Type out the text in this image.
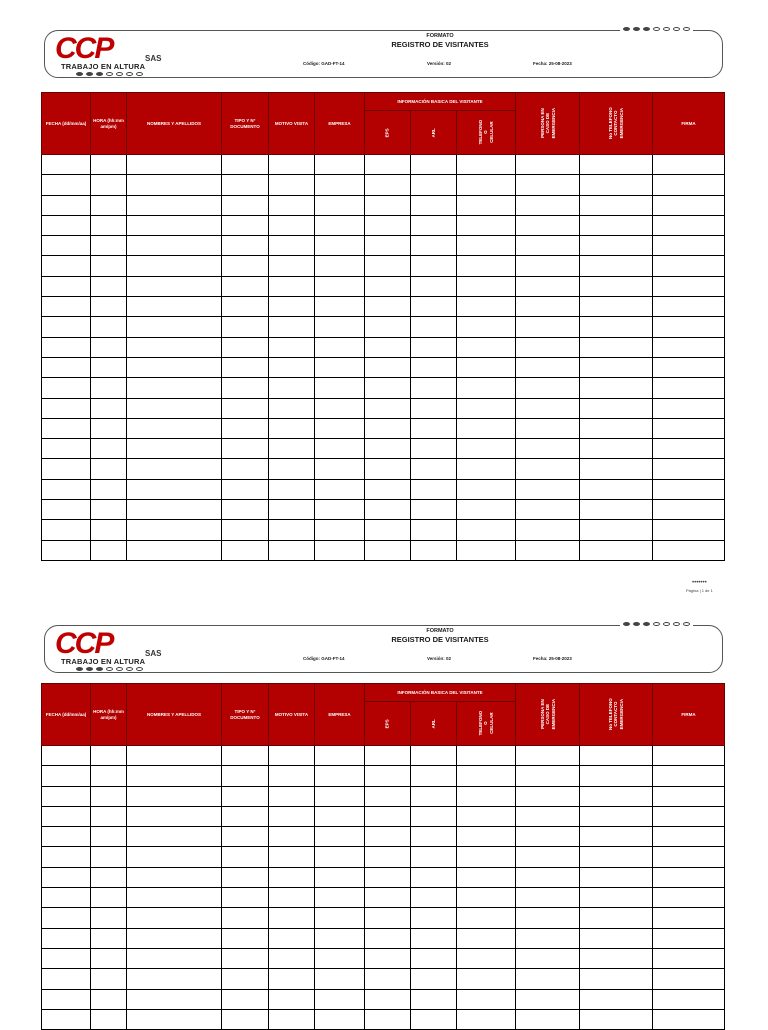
CCP	SAS
TRABAJO EN ALTURA
FORMATO
REGISTRO DE VISITANTES
Código: GAD-FT-14	Versión: 02	Fecha: 25-08-2023
FECHA (dd/mm/aa)	HORA (hh:mm am/pm)	NOMBRES Y APELLIDOS	TIPO Y N° DOCUMENTO	MOTIVO VISITA	EMPRESA	INFORMACIÓN BASICA DEL VISITANTE			PERSONA EN CASO DE EMERGENCIA	No TELEFONO CONTACTO EMERGENCIA	FIRMA
						EPS	ARL	TELEFONO O CELULAR			

•••••••
Página | 1 de 1
CCP	SAS
TRABAJO EN ALTURA
FORMATO
REGISTRO DE VISITANTES
Código: GAD-FT-14	Versión: 02	Fecha: 25-08-2023
FECHA (dd/mm/aa)	HORA (hh:mm am/pm)	NOMBRES Y APELLIDOS	TIPO Y N° DOCUMENTO	MOTIVO VISITA	EMPRESA	INFORMACIÓN BASICA DEL VISITANTE			PERSONA EN CASO DE EMERGENCIA	No TELEFONO CONTACTO EMERGENCIA	FIRMA
						EPS	ARL	TELEFONO O CELULAR			
